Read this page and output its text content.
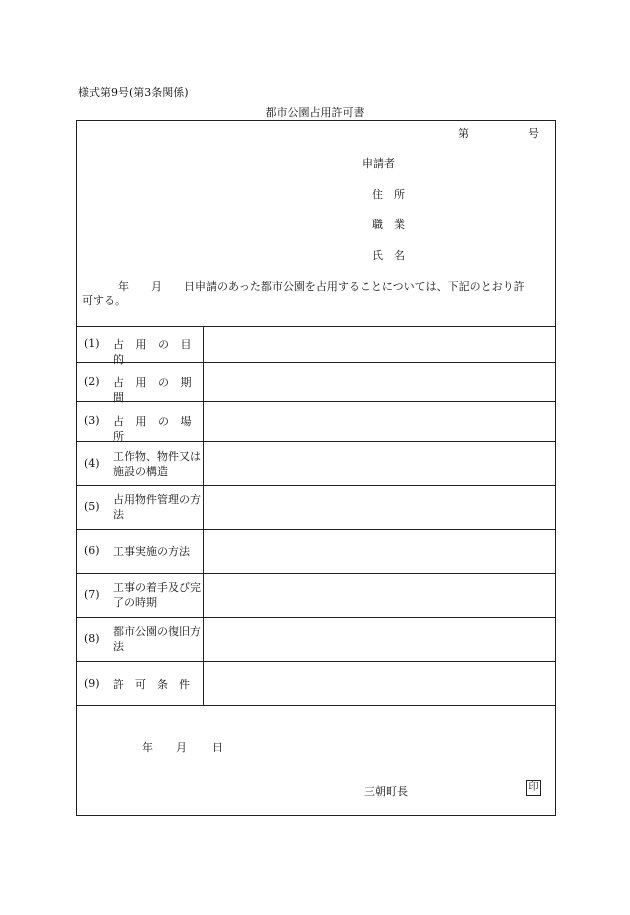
様式第9号(第3条関係)
都市公園占用許可書
第	号
申請者
住　所
職　業
氏　名
年　　月　　日申請のあった都市公園を占用することについては、下記のとおり許
可する。
(1) 占 用 の 目 的
(2) 占 用 の 期 間
(3) 占 用 の 場 所
(4)
工作物、物件又は施設の構造
(5)
占用物件管理の方法
(6) 工事実施の方法
(7)
工事の着手及び完了の時期
(8)
都市公園の復旧方法
(9) 許　可　条　件
年 月 日
三朝町長	印
